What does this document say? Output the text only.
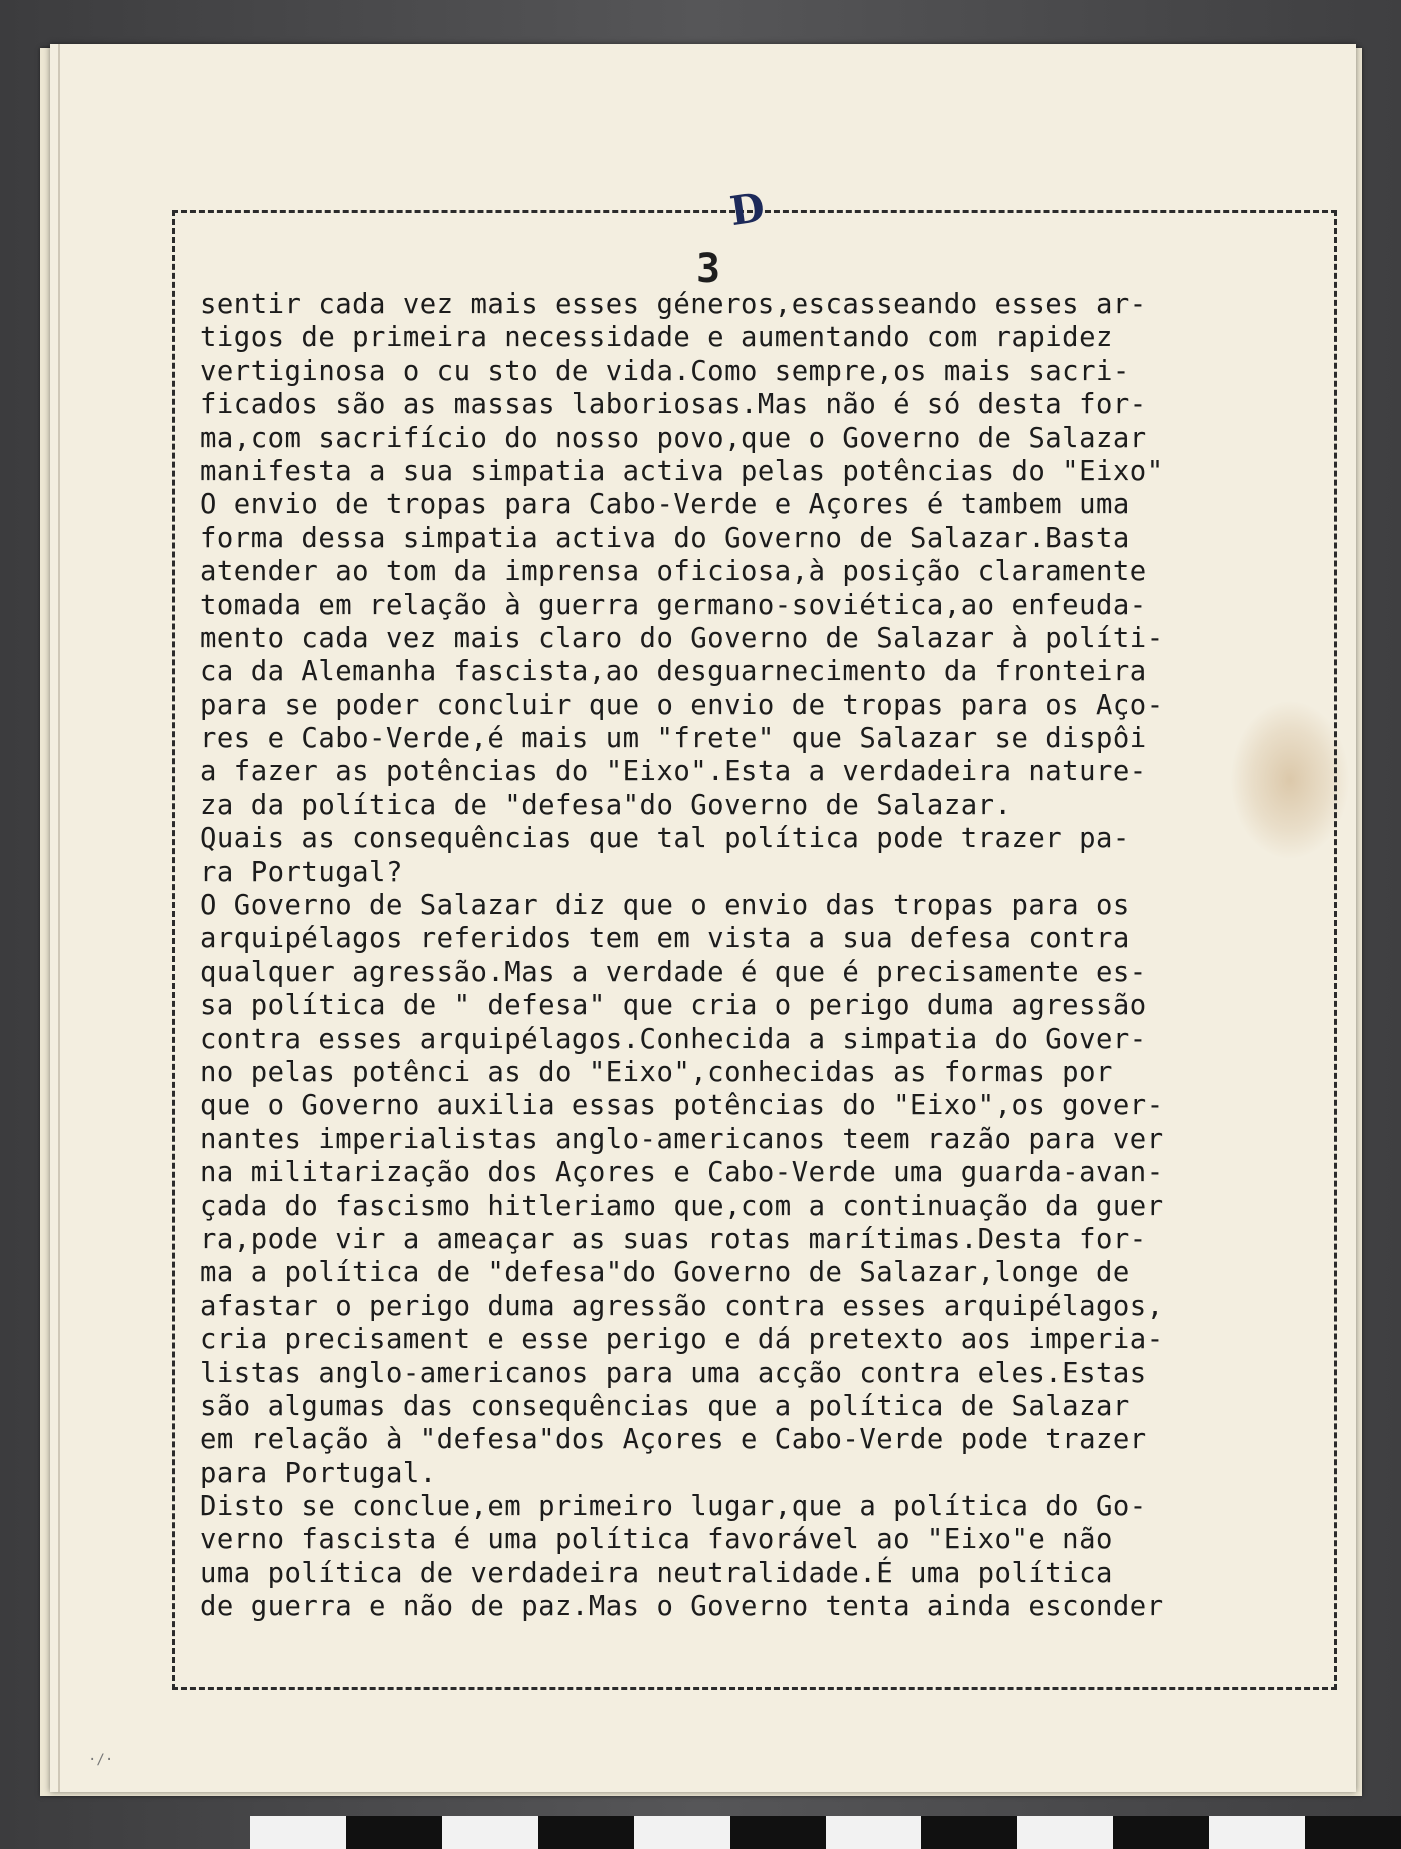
D
3
sentir cada vez mais esses géneros,escasseando esses ar-
tigos de primeira necessidade e aumentando com rapidez
vertiginosa o cu sto de vida.Como sempre,os mais sacri-
ficados são as massas laboriosas.Mas não é só desta for-
ma,com sacrifício do nosso povo,que o Governo de Salazar
manifesta a sua simpatia activa pelas potências do "Eixo"
O envio de tropas para Cabo-Verde e Açores é tambem uma
forma dessa simpatia activa do Governo de Salazar.Basta
atender ao tom da imprensa oficiosa,à posição claramente
tomada em relação à guerra germano-soviética,ao enfeuda-
mento cada vez mais claro do Governo de Salazar à políti-
ca da Alemanha fascista,ao desguarnecimento da fronteira
para se poder concluir que o envio de tropas para os Aço-
res e Cabo-Verde,é mais um "frete" que Salazar se dispôi
a fazer as potências do "Eixo".Esta a verdadeira nature-
za da política de "defesa"do Governo de Salazar.
Quais as consequências que tal política pode trazer pa-
ra Portugal?
O Governo de Salazar diz que o envio das tropas para os
arquipélagos referidos tem em vista a sua defesa contra
qualquer agressão.Mas a verdade é que é precisamente es-
sa política de " defesa" que cria o perigo duma agressão
contra esses arquipélagos.Conhecida a simpatia do Gover-
no pelas potênci as do "Eixo",conhecidas as formas por
que o Governo auxilia essas potências do "Eixo",os gover-
nantes imperialistas anglo-americanos teem razão para ver
na militarização dos Açores e Cabo-Verde uma guarda-avan-
çada do fascismo hitleriamo que,com a continuação da guer
ra,pode vir a ameaçar as suas rotas marítimas.Desta for-
ma a política de "defesa"do Governo de Salazar,longe de
afastar o perigo duma agressão contra esses arquipélagos,
cria precisament e esse perigo e dá pretexto aos imperia-
listas anglo-americanos para uma acção contra eles.Estas
são algumas das consequências que a política de Salazar
em relação à "defesa"dos Açores e Cabo-Verde pode trazer
para Portugal.
Disto se conclue,em primeiro lugar,que a política do Go-
verno fascista é uma política favorável ao "Eixo"e não
uma política de verdadeira neutralidade.É uma política
de guerra e não de paz.Mas o Governo tenta ainda esconder
·/·
